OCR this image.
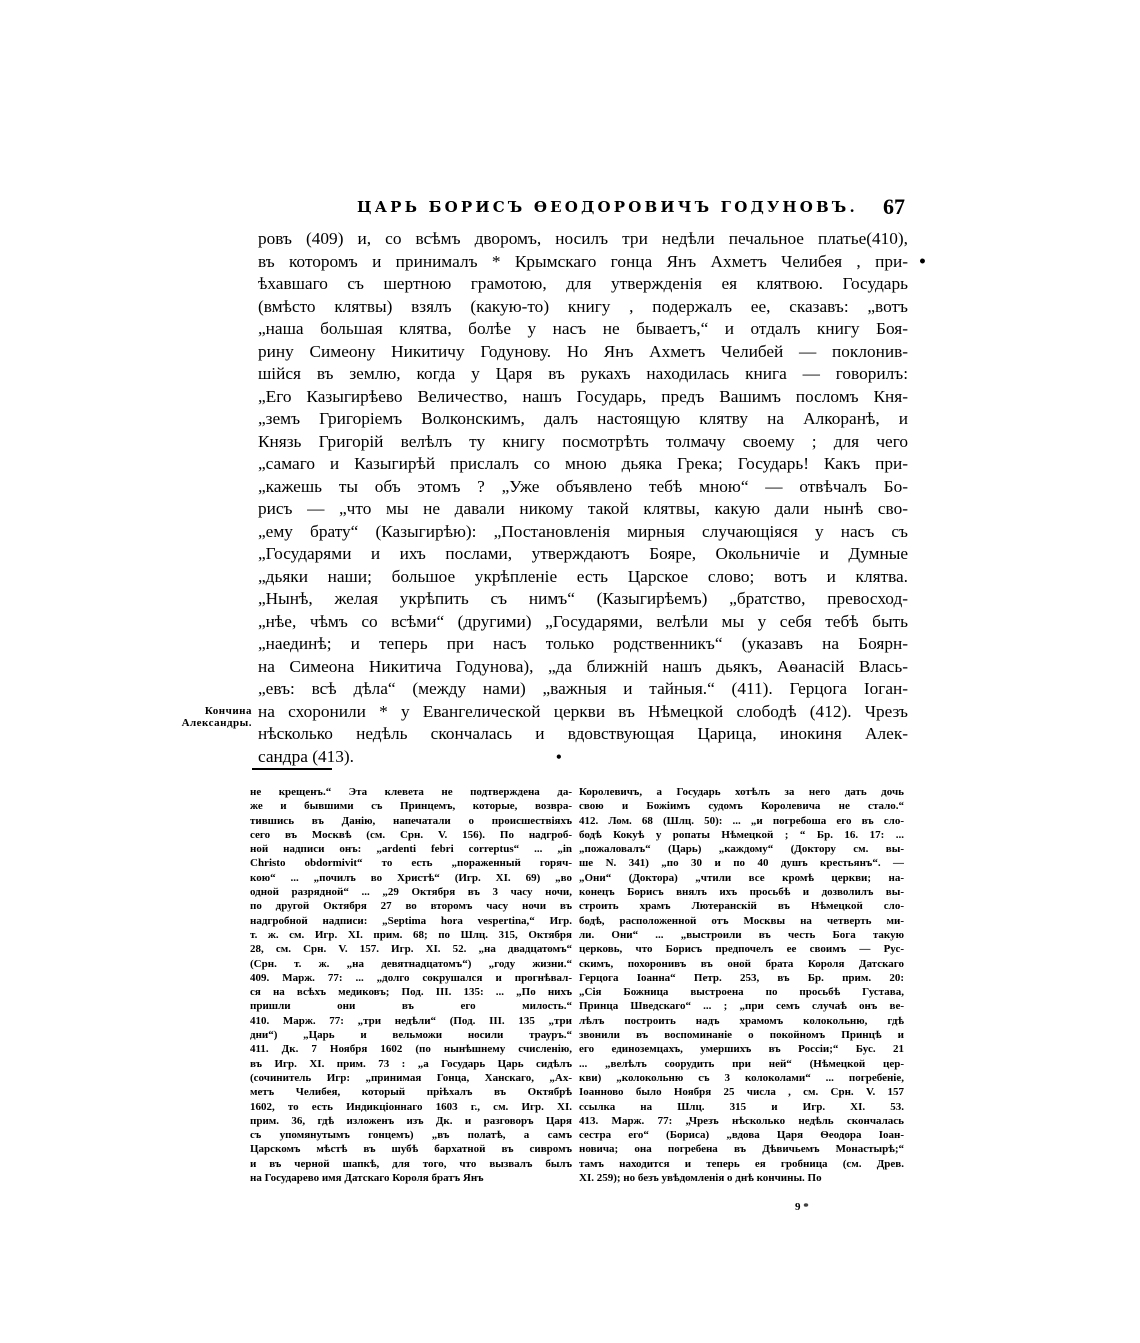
ЦАРЬ БОРИСЪ ѲЕОДОРОВИЧЪ ГОДУНОВЪ. 67
ровъ (409) и, со всѣмъ дворомъ, носилъ три недѣли печальное платье(410),
въ которомъ и принималъ * Крымскаго гонца Янъ Ахметъ Челибея , при-
ѣхавшаго съ шертною грамотою, для утвержденія ея клятвою. Государь
(вмѣсто клятвы) взялъ (какую-то) книгу , подержалъ ее, сказавъ: „вотъ
„наша большая клятва, болѣе у насъ не бываетъ,“ и отдалъ книгу Боя-
рину Симеону Никитичу Годунову. Но Янъ Ахметъ Челибей — поклонив-
шійся въ землю, когда у Царя въ рукахъ находилась книга — говорилъ:
„Его Казыгирѣево Величество, нашъ Государь, предъ Вашимъ посломъ Кня-
„земъ Григоріемъ Волконскимъ, далъ настоящую клятву на Алкоранѣ, и
Князь Григорій велѣлъ ту книгу посмотрѣть толмачу своему ; для чего
„самаго и Казыгирѣй прислалъ со мною дьяка Грека; Государь! Какъ при-
„кажешь ты объ этомъ ? „Уже объявлено тебѣ мною“ — отвѣчалъ Бо-
рисъ — „что мы не давали никому такой клятвы, какую дали нынѣ сво-
„ему брату“ (Казыгирѣю): „Постановленія мирныя случающіяся у насъ съ
„Государями и ихъ послами, утверждаютъ Бояре, Окольничіе и Думные
„дьяки наши; большое укрѣпленіе есть Царское слово; вотъ и клятва.
„Нынѣ, желая укрѣпить съ нимъ“ (Казыгирѣемъ) „братство, превосход-
„нѣе, чѣмъ со всѣми“ (другими) „Государями, велѣли мы у себя тебѣ быть
„наединѣ; и теперь при насъ только родственникъ“ (указавъ на Боярн-
на Симеона Никитича Годунова), „да ближній нашъ дьякъ, Аѳанасій Влась-
„евъ: всѣ дѣла“ (между нами) „важныя и тайныя.“ (411). Герцога Іоган-
на схоронили * у Евангелической церкви въ Нѣмецкой слободѣ (412). Чрезъ
нѣсколько недѣль скончалась и вдовствующая Царица, инокиня Алек-
сандра (413).
•
•
Кончина
Александры.
не крещенъ.“ Эта клевета не подтверждена да-
же и бывшими съ Принцемъ, которые, возвра-
тившись въ Данію, напечатали о происшествіяхъ
сего въ Москвѣ (см. Срн. V. 156). По надгроб-
ной надписи онъ: „ardenti febri correptus“ ... „in
Christo obdormivit“ то есть „пораженный горяч-
кою“ ... „почилъ во Христѣ“ (Игр. XI. 69) „во
одной разрядной“ ... „29 Октября въ 3 часу ночи,
по другой Октября 27 во второмъ часу ночи въ
надгробной надписи: „Septima hora vespertina,“ Игр.
т. ж. см. Игр. XI. прим. 68; по Шлц. 315, Октября
28, см. Срн. V. 157. Игр. XI. 52. „на двадцатомъ“
(Срн. т. ж. „на девятнадцатомъ“) „году жизни.“
409. Марж. 77: ... „долго сокрушался и прогнѣвал-
ся на всѣхъ медиковъ; Под. III. 135: ... „По нихъ
пришли они въ его милость.“
410. Марж. 77: „три недѣли“ (Под. III. 135 „три
дни“) „Царь и вельможи носили трауръ.“
411. Дк. 7 Ноября 1602 (по нынѣшнему счисленію,
въ Игр. XI. прим. 73 : „а Государь Царь сидѣлъ
(сочинитель Игр: „принимая Гонца, Ханскаго, „Ах-
метъ Челибея, который пріѣхалъ въ Октябрѣ
1602, то есть Индикціоннаго 1603 г., см. Игр. XI.
прим. 36, гдѣ изложенъ изъ Дк. и разговоръ Царя
съ упомянутымъ гонцемъ) „въ полатѣ, а самъ
Царскомъ мѣстѣ въ шубѣ бархатной въ сивромъ
и въ черной шапкѣ, для того, что вызвалъ былъ
на Государево имя Датскаго Короля братъ Янъ
Королевичъ, а Государь хотѣлъ за него дать дочь
свою и Божіимъ судомъ Королевича не стало.“
412. Лом. 68 (Шлц. 50): ... „и погребоша его въ сло-
бодѣ Кокуѣ у ропаты Нѣмецкой ; “ Бр. 16. 17: ...
„пожаловалъ“ (Царь) „каждому“ (Доктору см. вы-
ше N. 341) „по 30 и по 40 душъ крестьянъ“. —
„Они“ (Доктора) „чтили все кромѣ церкви; на-
конецъ Борисъ внялъ ихъ просьбѣ и дозволилъ вы-
строить храмъ Лютеранскій въ Нѣмецкой сло-
бодѣ, расположенной отъ Москвы на четверть ми-
ли. Они“ ... „выстроили въ честь Бога такую
церковь, что Борисъ предпочелъ ее своимъ — Рус-
скимъ, похоронивъ въ оной брата Короля Датскаго
Герцога Іоанна“ Петр. 253, въ Бр. прим. 20:
„Сія Божница выстроена по просьбѣ Густава,
Принца Шведскаго“ ... ; „при семъ случаѣ онъ ве-
лѣлъ построить надъ храмомъ колокольню, гдѣ
звонили въ воспоминаніе о покойномъ Принцѣ и
его единоземцахъ, умершихъ въ Россіи;“ Бус. 21
... „велѣлъ соорудить при ней“ (Нѣмецкой цер-
кви) „колокольню съ 3 колоколами“ ... погребеніе,
Іоанново было Ноября 25 числа , см. Срн. V. 157
ссылка на Шлц. 315 и Игр. XI. 53.
413. Марж. 77: „Чрезъ нѣсколько недѣль скончалась
сестра его“ (Бориса) „вдова Царя Ѳеодора Іоан-
новича; она погребена въ Дѣвичьемъ Монастырѣ;“
тамъ находится и теперь ея гробница (см. Древ.
XI. 259); но безъ увѣдомленія о днѣ кончины. По
9 *
